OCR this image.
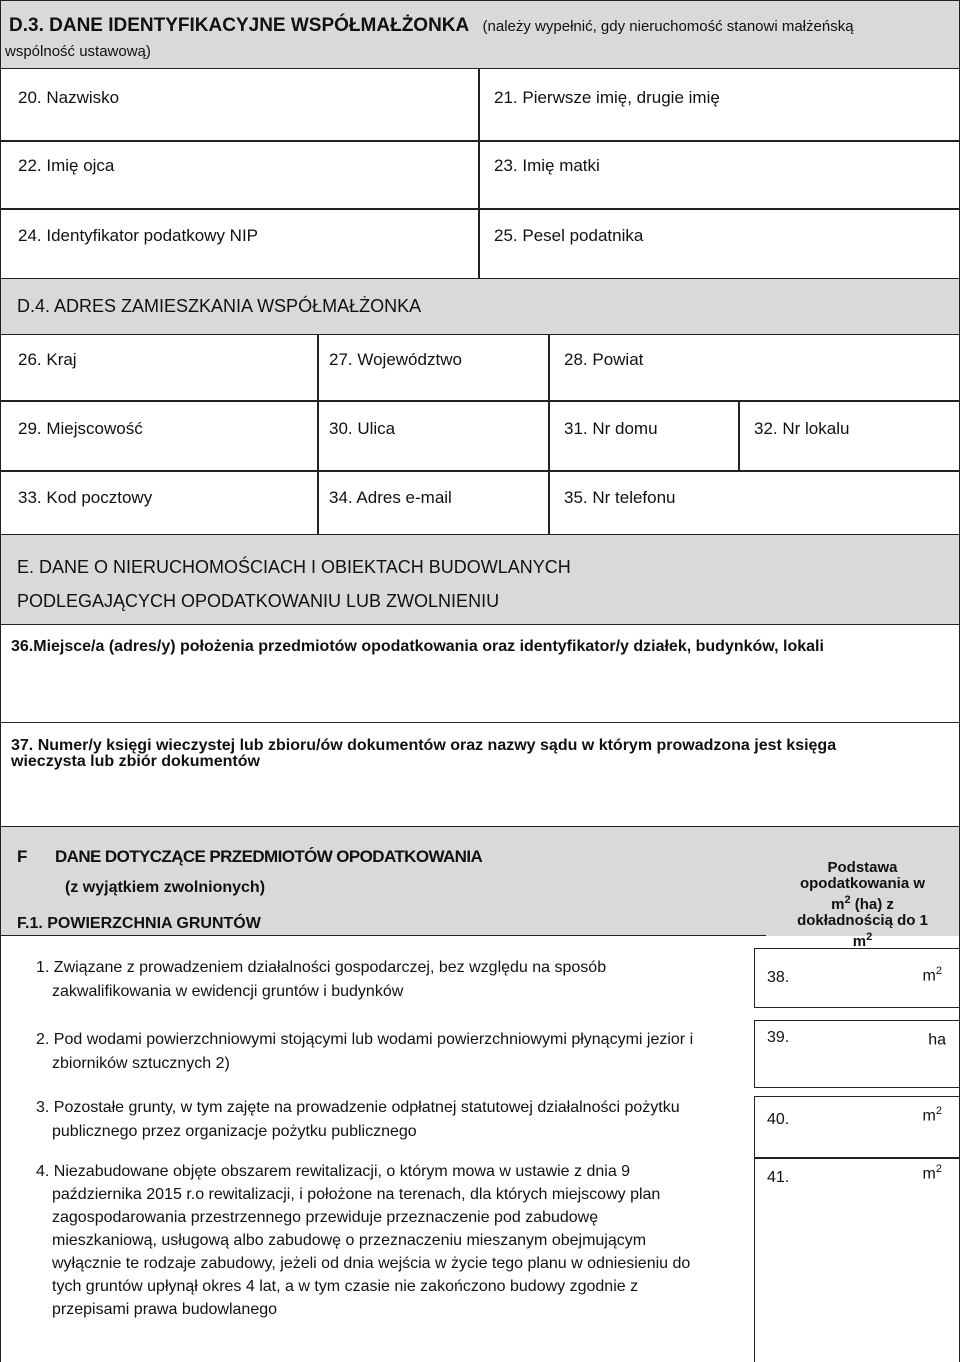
D.3. DANE IDENTYFIKACYJNE WSPÓŁMAŁŻONKA (należy wypełnić, gdy nieruchomość stanowi małżeńską
wspólność ustawową)
20. Nazwisko	21. Pierwsze imię, drugie imię
22. Imię ojca	23. Imię matki
24. Identyfikator podatkowy NIP	25. Pesel podatnika
D.4. ADRES ZAMIESZKANIA WSPÓŁMAŁŻONKA
26. Kraj	27. Województwo	28. Powiat
29. Miejscowość	30. Ulica	31. Nr domu	32. Nr lokalu
33. Kod pocztowy	34. Adres e-mail	35. Nr telefonu
E. DANE O NIERUCHOMOŚCIACH I OBIEKTACH BUDOWLANYCH
PODLEGAJĄCYCH OPODATKOWANIU LUB ZWOLNIENIU
36.Miejsce/a (adres/y) położenia przedmiotów opodatkowania oraz identyfikator/y działek, budynków, lokali
37. Numer/y księgi wieczystej lub zbioru/ów dokumentów oraz nazwy sądu w którym prowadzona jest księga
wieczysta lub zbiór dokumentów
F DANE DOTYCZĄCE PRZEDMIOTÓW OPODATKOWANIA
(z wyjątkiem zwolnionych)
F.1. POWIERZCHNIA GRUNTÓW
Podstawa
opodatkowania w
$m^2$ (ha) z
dokładnością do 1
$m^2$
1. Związane z prowadzeniem działalności gospodarczej, bez względu na sposób
zakwalifikowania w ewidencji gruntów i budynków
38.	$m^2$
2. Pod wodami powierzchniowymi stojącymi lub wodami powierzchniowymi płynącymi jezior i
zbiorników sztucznych 2)
39.	ha
3. Pozostałe grunty, w tym zajęte na prowadzenie odpłatnej statutowej działalności pożytku
publicznego przez organizacje pożytku publicznego
40.	$m^2$
4. Niezabudowane objęte obszarem rewitalizacji, o którym mowa w ustawie z dnia 9
października 2015 r.o rewitalizacji, i położone na terenach, dla których miejscowy plan
zagospodarowania przestrzennego przewiduje przeznaczenie pod zabudowę
mieszkaniową, usługową albo zabudowę o przeznaczeniu mieszanym obejmującym
wyłącznie te rodzaje zabudowy, jeżeli od dnia wejścia w życie tego planu w odniesieniu do
tych gruntów upłynął okres 4 lat, a w tym czasie nie zakończono budowy zgodnie z
przepisami prawa budowlanego
41.	$m^2$
